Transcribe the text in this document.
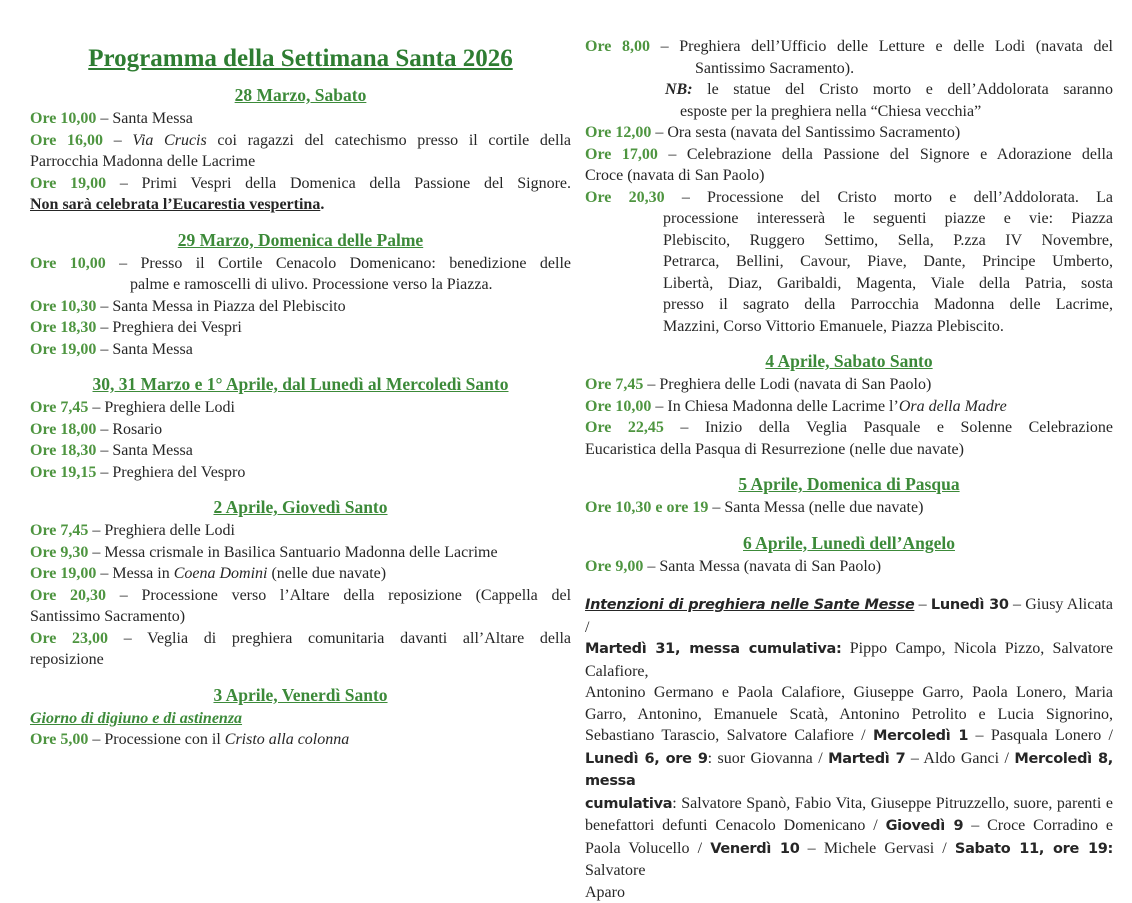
Programma della Settimana Santa 2026
28 Marzo, Sabato
Ore 10,00 – Santa Messa
Ore 16,00 – Via Crucis coi ragazzi del catechismo presso il cortile della
Parrocchia Madonna delle Lacrime
Ore 19,00 – Primi Vespri della Domenica della Passione del Signore.
Non sarà celebrata l’Eucarestia vespertina.
29 Marzo, Domenica delle Palme
Ore 10,00 – Presso il Cortile Cenacolo Domenicano: benedizione delle
palme e ramoscelli di ulivo. Processione verso la Piazza.
Ore 10,30 – Santa Messa in Piazza del Plebiscito
Ore 18,30 – Preghiera dei Vespri
Ore 19,00 – Santa Messa
30, 31 Marzo e 1° Aprile, dal Lunedì al Mercoledì Santo
Ore 7,45 – Preghiera delle Lodi
Ore 18,00 – Rosario
Ore 18,30 – Santa Messa
Ore 19,15 – Preghiera del Vespro
2 Aprile, Giovedì Santo
Ore 7,45 – Preghiera delle Lodi
Ore 9,30 – Messa crismale in Basilica Santuario Madonna delle Lacrime
Ore 19,00 – Messa in Coena Domini (nelle due navate)
Ore 20,30 – Processione verso l’Altare della reposizione (Cappella del
Santissimo Sacramento)
Ore 23,00 – Veglia di preghiera comunitaria davanti all’Altare della
reposizione
3 Aprile, Venerdì Santo
Giorno di digiuno e di astinenza
Ore 5,00 – Processione con il Cristo alla colonna
Ore 8,00 – Preghiera dell’Ufficio delle Letture e delle Lodi (navata del
Santissimo Sacramento).
NB: le statue del Cristo morto e dell’Addolorata saranno
esposte per la preghiera nella “Chiesa vecchia”
Ore 12,00 – Ora sesta (navata del Santissimo Sacramento)
Ore 17,00 – Celebrazione della Passione del Signore e Adorazione della
Croce (navata di San Paolo)
Ore 20,30 – Processione del Cristo morto e dell’Addolorata. La
processione interesserà le seguenti piazze e vie: Piazza
Plebiscito, Ruggero Settimo, Sella, P.zza IV Novembre,
Petrarca, Bellini, Cavour, Piave, Dante, Principe Umberto,
Libertà, Diaz, Garibaldi, Magenta, Viale della Patria, sosta
presso il sagrato della Parrocchia Madonna delle Lacrime,
Mazzini, Corso Vittorio Emanuele, Piazza Plebiscito.
4 Aprile, Sabato Santo
Ore 7,45 – Preghiera delle Lodi (navata di San Paolo)
Ore 10,00 – In Chiesa Madonna delle Lacrime l’Ora della Madre
Ore 22,45 – Inizio della Veglia Pasquale e Solenne Celebrazione
Eucaristica della Pasqua di Resurrezione (nelle due navate)
5 Aprile, Domenica di Pasqua
Ore 10,30 e ore 19 – Santa Messa (nelle due navate)
6 Aprile, Lunedì dell’Angelo
Ore 9,00 – Santa Messa (navata di San Paolo)
Intenzioni di preghiera nelle Sante Messe – Lunedì 30 – Giusy Alicata /
Martedì 31, messa cumulativa: Pippo Campo, Nicola Pizzo, Salvatore Calafiore,
Antonino Germano e Paola Calafiore, Giuseppe Garro, Paola Lonero, Maria
Garro, Antonino, Emanuele Scatà, Antonino Petrolito e Lucia Signorino,
Sebastiano Tarascio, Salvatore Calafiore / Mercoledì 1 – Pasquala Lonero /
Lunedì 6, ore 9: suor Giovanna / Martedì 7 – Aldo Ganci / Mercoledì 8, messa
cumulativa: Salvatore Spanò, Fabio Vita, Giuseppe Pitruzzello, suore, parenti e
benefattori defunti Cenacolo Domenicano / Giovedì 9 – Croce Corradino e
Paola Volucello / Venerdì 10 – Michele Gervasi / Sabato 11, ore 19: Salvatore
Aparo
